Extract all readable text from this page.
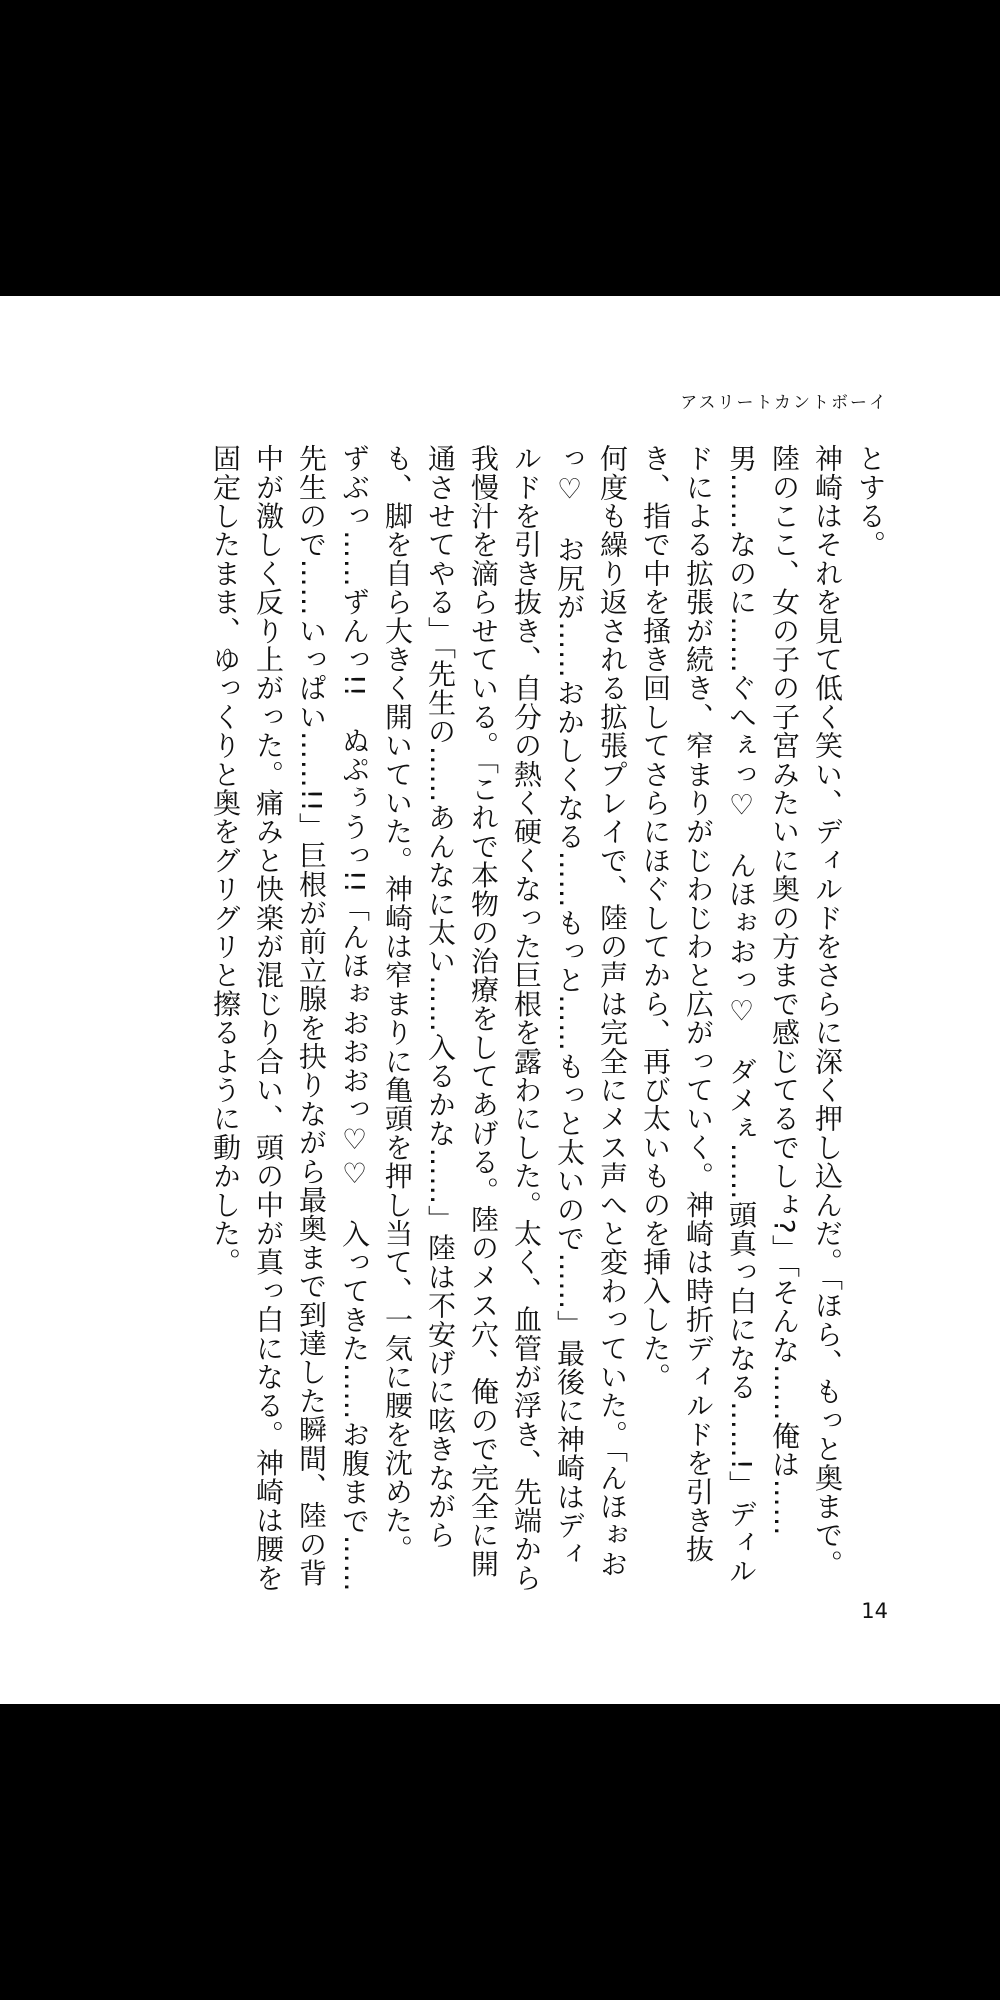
アスリートカントボーイ

とする。

神崎はそれを見て低く笑い、ディルドをさらに深く押し込んだ。「ほら、もっと奥まで。陸のここ、女の子の子宮みたいに奥の方まで感じてるでしょ?」「そんな……俺は……男……なのに……ぐへぇっ♡　んほぉおっ♡　ダメぇ……頭真っ白になる……!」ディルドによる拡張が続き、窄まりがじわじわと広がっていく。神崎は時折ディルドを引き抜き、指で中を掻き回してさらにほぐしてから、再び太いものを挿入した。

何度も繰り返される拡張プレイで、陸の声は完全にメス声へと変わっていた。「んほぉおっ♡　お尻が……おかしくなる……もっと……もっと太いので……」最後に神崎はディルドを引き抜き、自分の熱く硬くなった巨根を露わにした。太く、血管が浮き、先端から我慢汁を滴らせている。「これで本物の治療をしてあげる。陸のメス穴、俺ので完全に開通させてやる」「先生の……あんなに太い……入るかな……」陸は不安げに呟きながらも、脚を自ら大きく開いていた。神崎は窄まりに亀頭を押し当て、一気に腰を沈めた。

ずぶっ……ずんっ!!　ぬぷぅうっ!!「んほぉおおおっ♡♡　入ってきた……お腹まで……先生ので……いっぱい……!!」巨根が前立腺を抉りながら最奥まで到達した瞬間、陸の背中が激しく反り上がった。痛みと快楽が混じり合い、頭の中が真っ白になる。神崎は腰を固定したまま、ゆっくりと奥をグリグリと擦るように動かした。

14
